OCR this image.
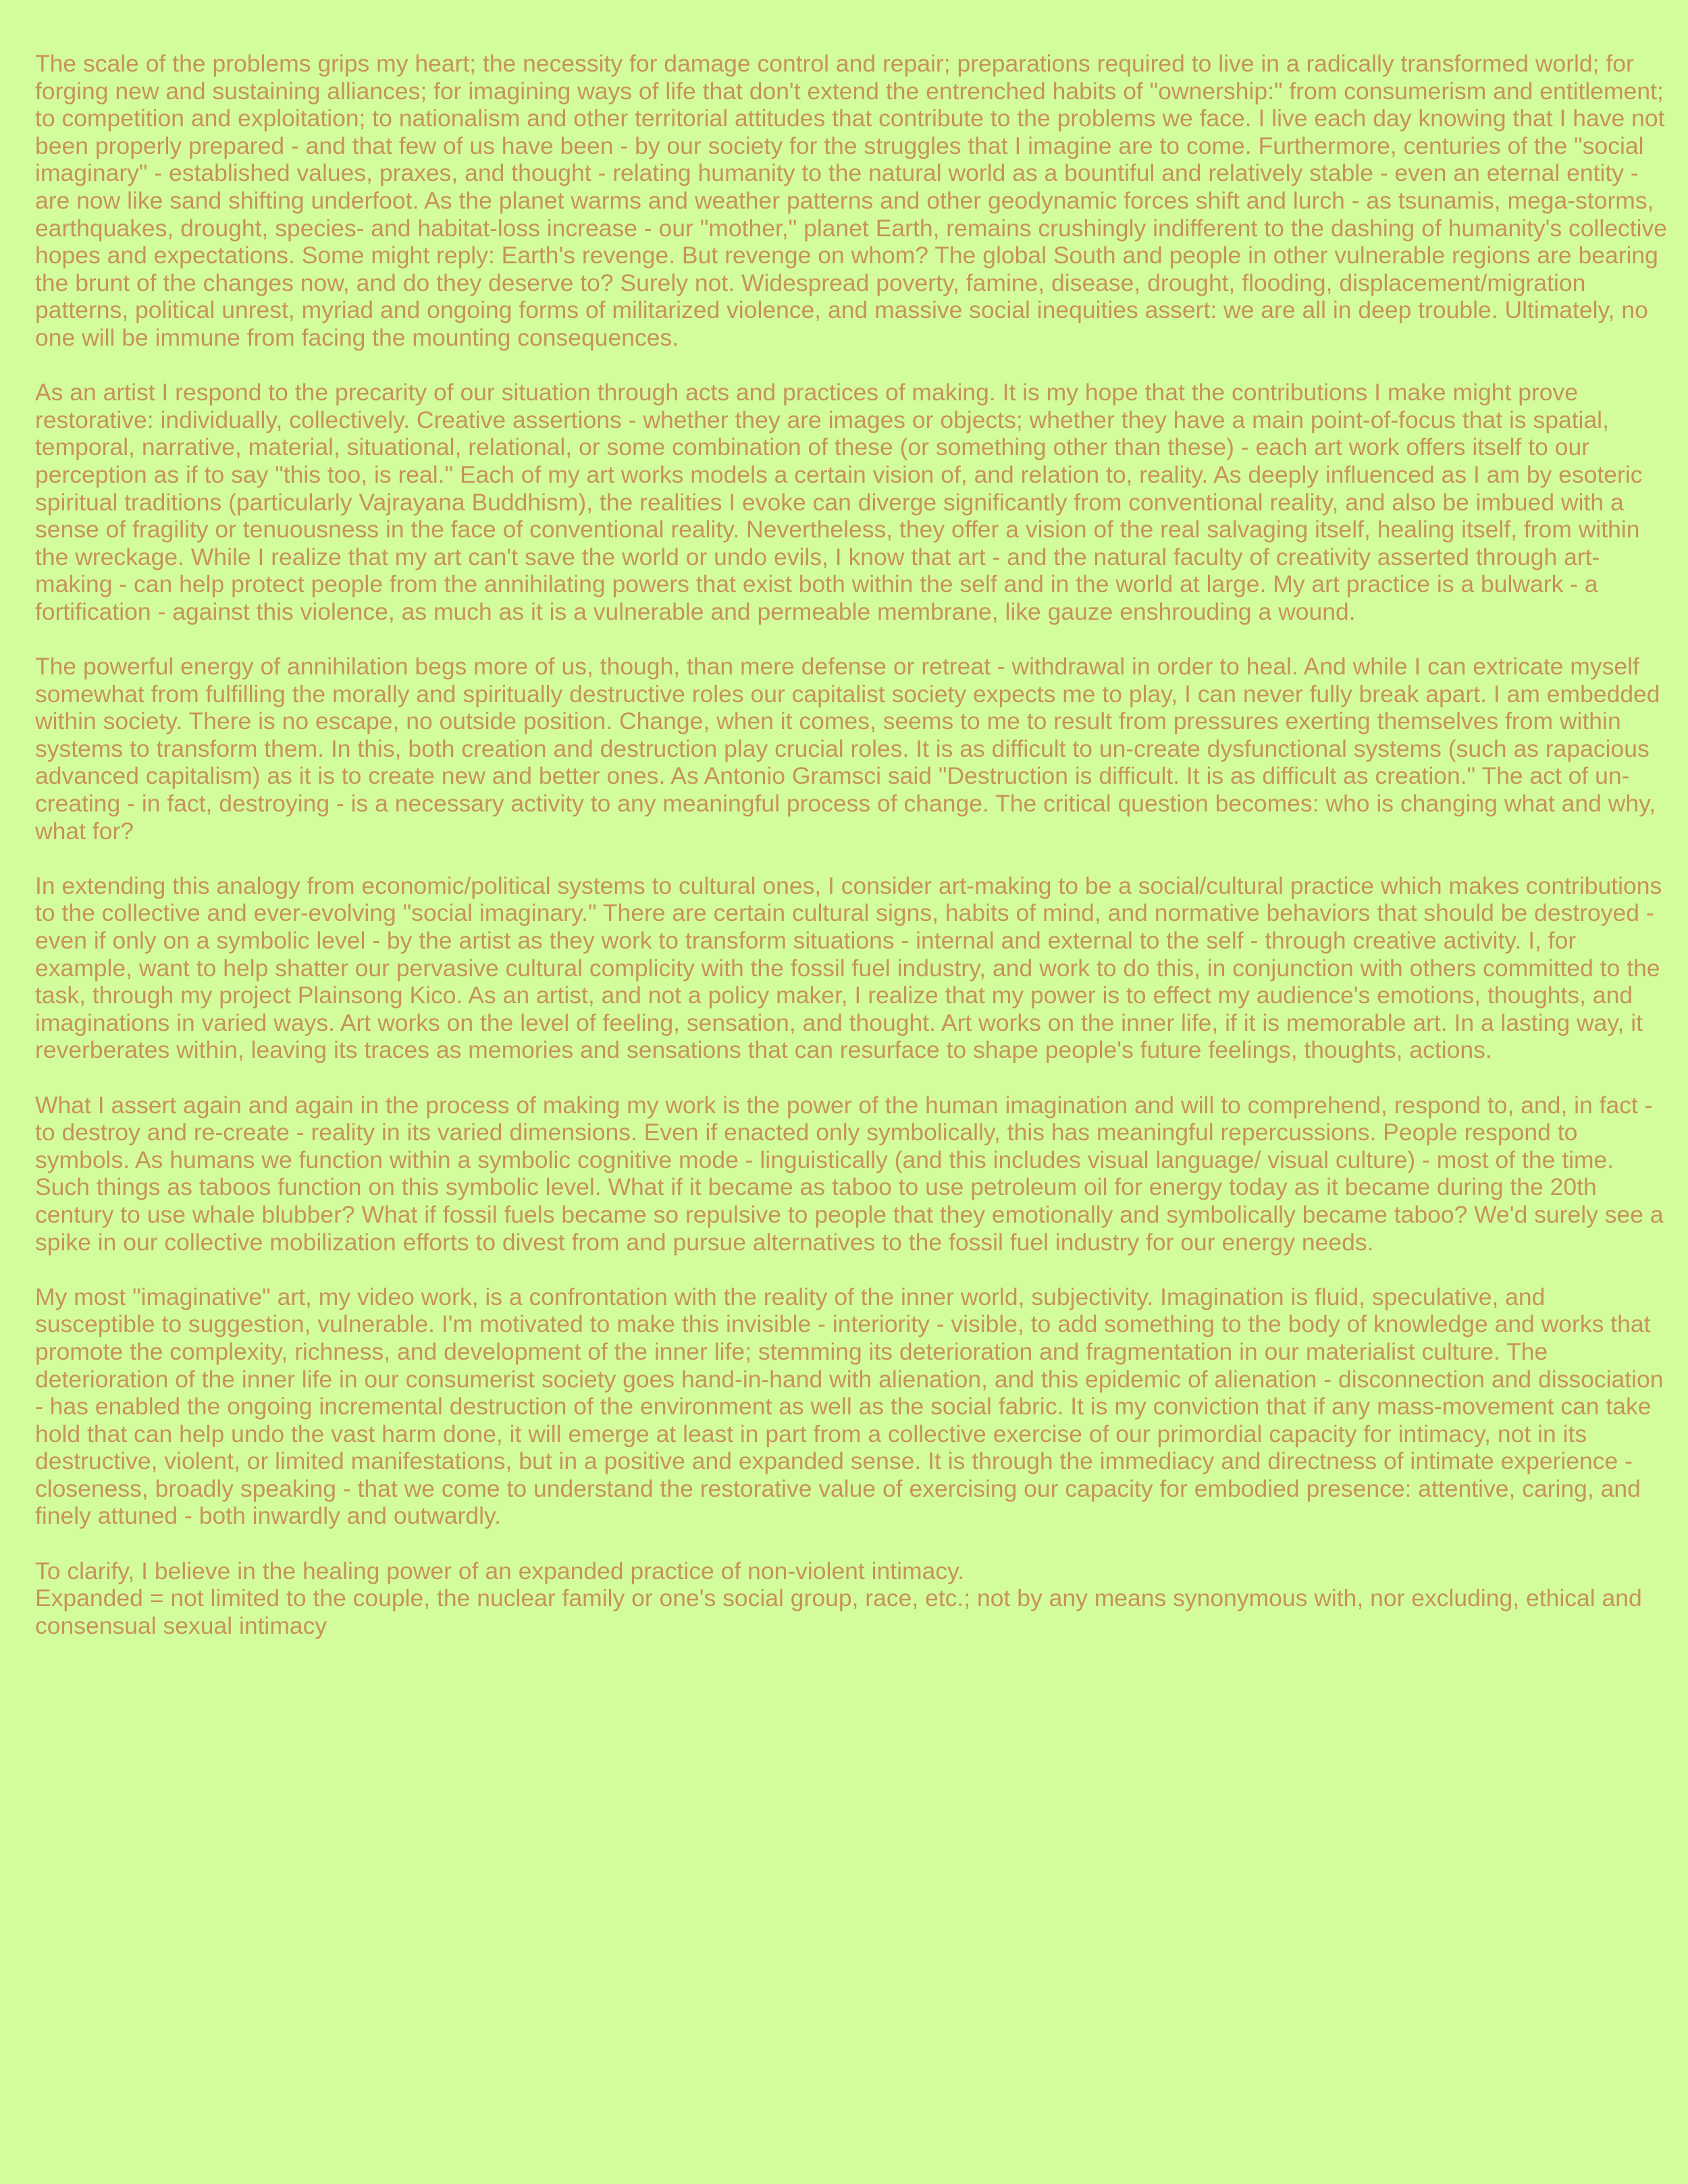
The scale of the problems grips my heart; the necessity for damage control and repair; preparations required to live in a radically transformed world; for forging new and sustaining alliances; for imagining ways of life that don't extend the entrenched habits of "ownership:" from consumerism and entitlement; to competition and exploitation; to nationalism and other territorial attitudes that contribute to the problems we face. I live each day knowing that I have not been properly prepared - and that few of us have been - by our society for the struggles that I imagine are to come. Furthermore, centuries of the "social imaginary" - established values, praxes, and thought - relating humanity to the natural world as a bountiful and relatively stable - even an eternal entity - are now like sand shifting underfoot. As the planet warms and weather patterns and other geodynamic forces shift and lurch - as tsunamis, mega-storms, earthquakes, drought, species- and habitat-loss increase - our "mother," planet Earth, remains crushingly indifferent to the dashing of humanity's collective hopes and expectations. Some might reply: Earth's revenge. But revenge on whom? The global South and people in other vulnerable regions are bearing the brunt of the changes now, and do they deserve to? Surely not. Widespread poverty, famine, disease, drought, flooding, displacement/migration patterns, political unrest, myriad and ongoing forms of militarized violence, and massive social inequities assert: we are all in deep trouble. Ultimately, no one will be immune from facing the mounting consequences.

As an artist I respond to the precarity of our situation through acts and practices of making. It is my hope that the contributions I make might prove restorative: individually, collectively. Creative assertions - whether they are images or objects; whether they have a main point-of-focus that is spatial, temporal, narrative, material, situational, relational, or some combination of these (or something other than these) - each art work offers itself to our perception as if to say "this too, is real." Each of my art works models a certain vision of, and relation to, reality. As deeply influenced as I am by esoteric spiritual traditions (particularly Vajrayana Buddhism), the realities I evoke can diverge significantly from conventional reality, and also be imbued with a sense of fragility or tenuousness in the face of conventional reality. Nevertheless, they offer a vision of the real salvaging itself, healing itself, from within the wreckage. While I realize that my art can't save the world or undo evils, I know that art - and the natural faculty of creativity asserted through art-making - can help protect people from the annihilating powers that exist both within the self and in the world at large. My art practice is a bulwark - a fortification - against this violence, as much as it is a vulnerable and permeable membrane, like gauze enshrouding a wound.

The powerful energy of annihilation begs more of us, though, than mere defense or retreat - withdrawal in order to heal. And while I can extricate myself somewhat from fulfilling the morally and spiritually destructive roles our capitalist society expects me to play, I can never fully break apart. I am embedded within society. There is no escape, no outside position. Change, when it comes, seems to me to result from pressures exerting themselves from within systems to transform them. In this, both creation and destruction play crucial roles. It is as difficult to un-create dysfunctional systems (such as rapacious advanced capitalism) as it is to create new and better ones. As Antonio Gramsci said "Destruction is difficult. It is as difficult as creation." The act of un-creating - in fact, destroying - is a necessary activity to any meaningful process of change. The critical question becomes: who is changing what and why, what for?

In extending this analogy from economic/political systems to cultural ones, I consider art-making to be a social/cultural practice which makes contributions to the collective and ever-evolving "social imaginary." There are certain cultural signs, habits of mind, and normative behaviors that should be destroyed - even if only on a symbolic level - by the artist as they work to transform situations - internal and external to the self - through creative activity. I, for example, want to help shatter our pervasive cultural complicity with the fossil fuel industry, and work to do this, in conjunction with others committed to the task, through my project Plainsong Kico. As an artist, and not a policy maker, I realize that my power is to effect my audience's emotions, thoughts, and imaginations in varied ways. Art works on the level of feeling, sensation, and thought. Art works on the inner life, if it is memorable art. In a lasting way, it reverberates within, leaving its traces as memories and sensations that can resurface to shape people's future feelings, thoughts, actions.

What I assert again and again in the process of making my work is the power of the human imagination and will to comprehend, respond to, and, in fact - to destroy and re-create - reality in its varied dimensions. Even if enacted only symbolically, this has meaningful repercussions. People respond to symbols. As humans we function within a symbolic cognitive mode - linguistically (and this includes visual language/ visual culture) - most of the time. Such things as taboos function on this symbolic level. What if it became as taboo to use petroleum oil for energy today as it became during the 20th century to use whale blubber? What if fossil fuels became so repulsive to people that they emotionally and symbolically became taboo? We'd surely see a spike in our collective mobilization efforts to divest from and pursue alternatives to the fossil fuel industry for our energy needs.

My most "imaginative" art, my video work, is a confrontation with the reality of the inner world, subjectivity. Imagination is fluid, speculative, and susceptible to suggestion, vulnerable. I'm motivated to make this invisible - interiority - visible, to add something to the body of knowledge and works that promote the complexity, richness, and development of the inner life; stemming its deterioration and fragmentation in our materialist culture. The deterioration of the inner life in our consumerist society goes hand-in-hand with alienation, and this epidemic of alienation - disconnection and dissociation - has enabled the ongoing incremental destruction of the environment as well as the social fabric. It is my conviction that if any mass-movement can take hold that can help undo the vast harm done, it will emerge at least in part from a collective exercise of our primordial capacity for intimacy, not in its destructive, violent, or limited manifestations, but in a positive and expanded sense. It is through the immediacy and directness of intimate experience - closeness, broadly speaking - that we come to understand the restorative value of exercising our capacity for embodied presence: attentive, caring, and finely attuned - both inwardly and outwardly.

To clarify, I believe in the healing power of an expanded practice of non-violent intimacy.
Expanded = not limited to the couple, the nuclear family or one's social group, race, etc.; not by any means synonymous with, nor excluding, ethical and consensual sexual intimacy
